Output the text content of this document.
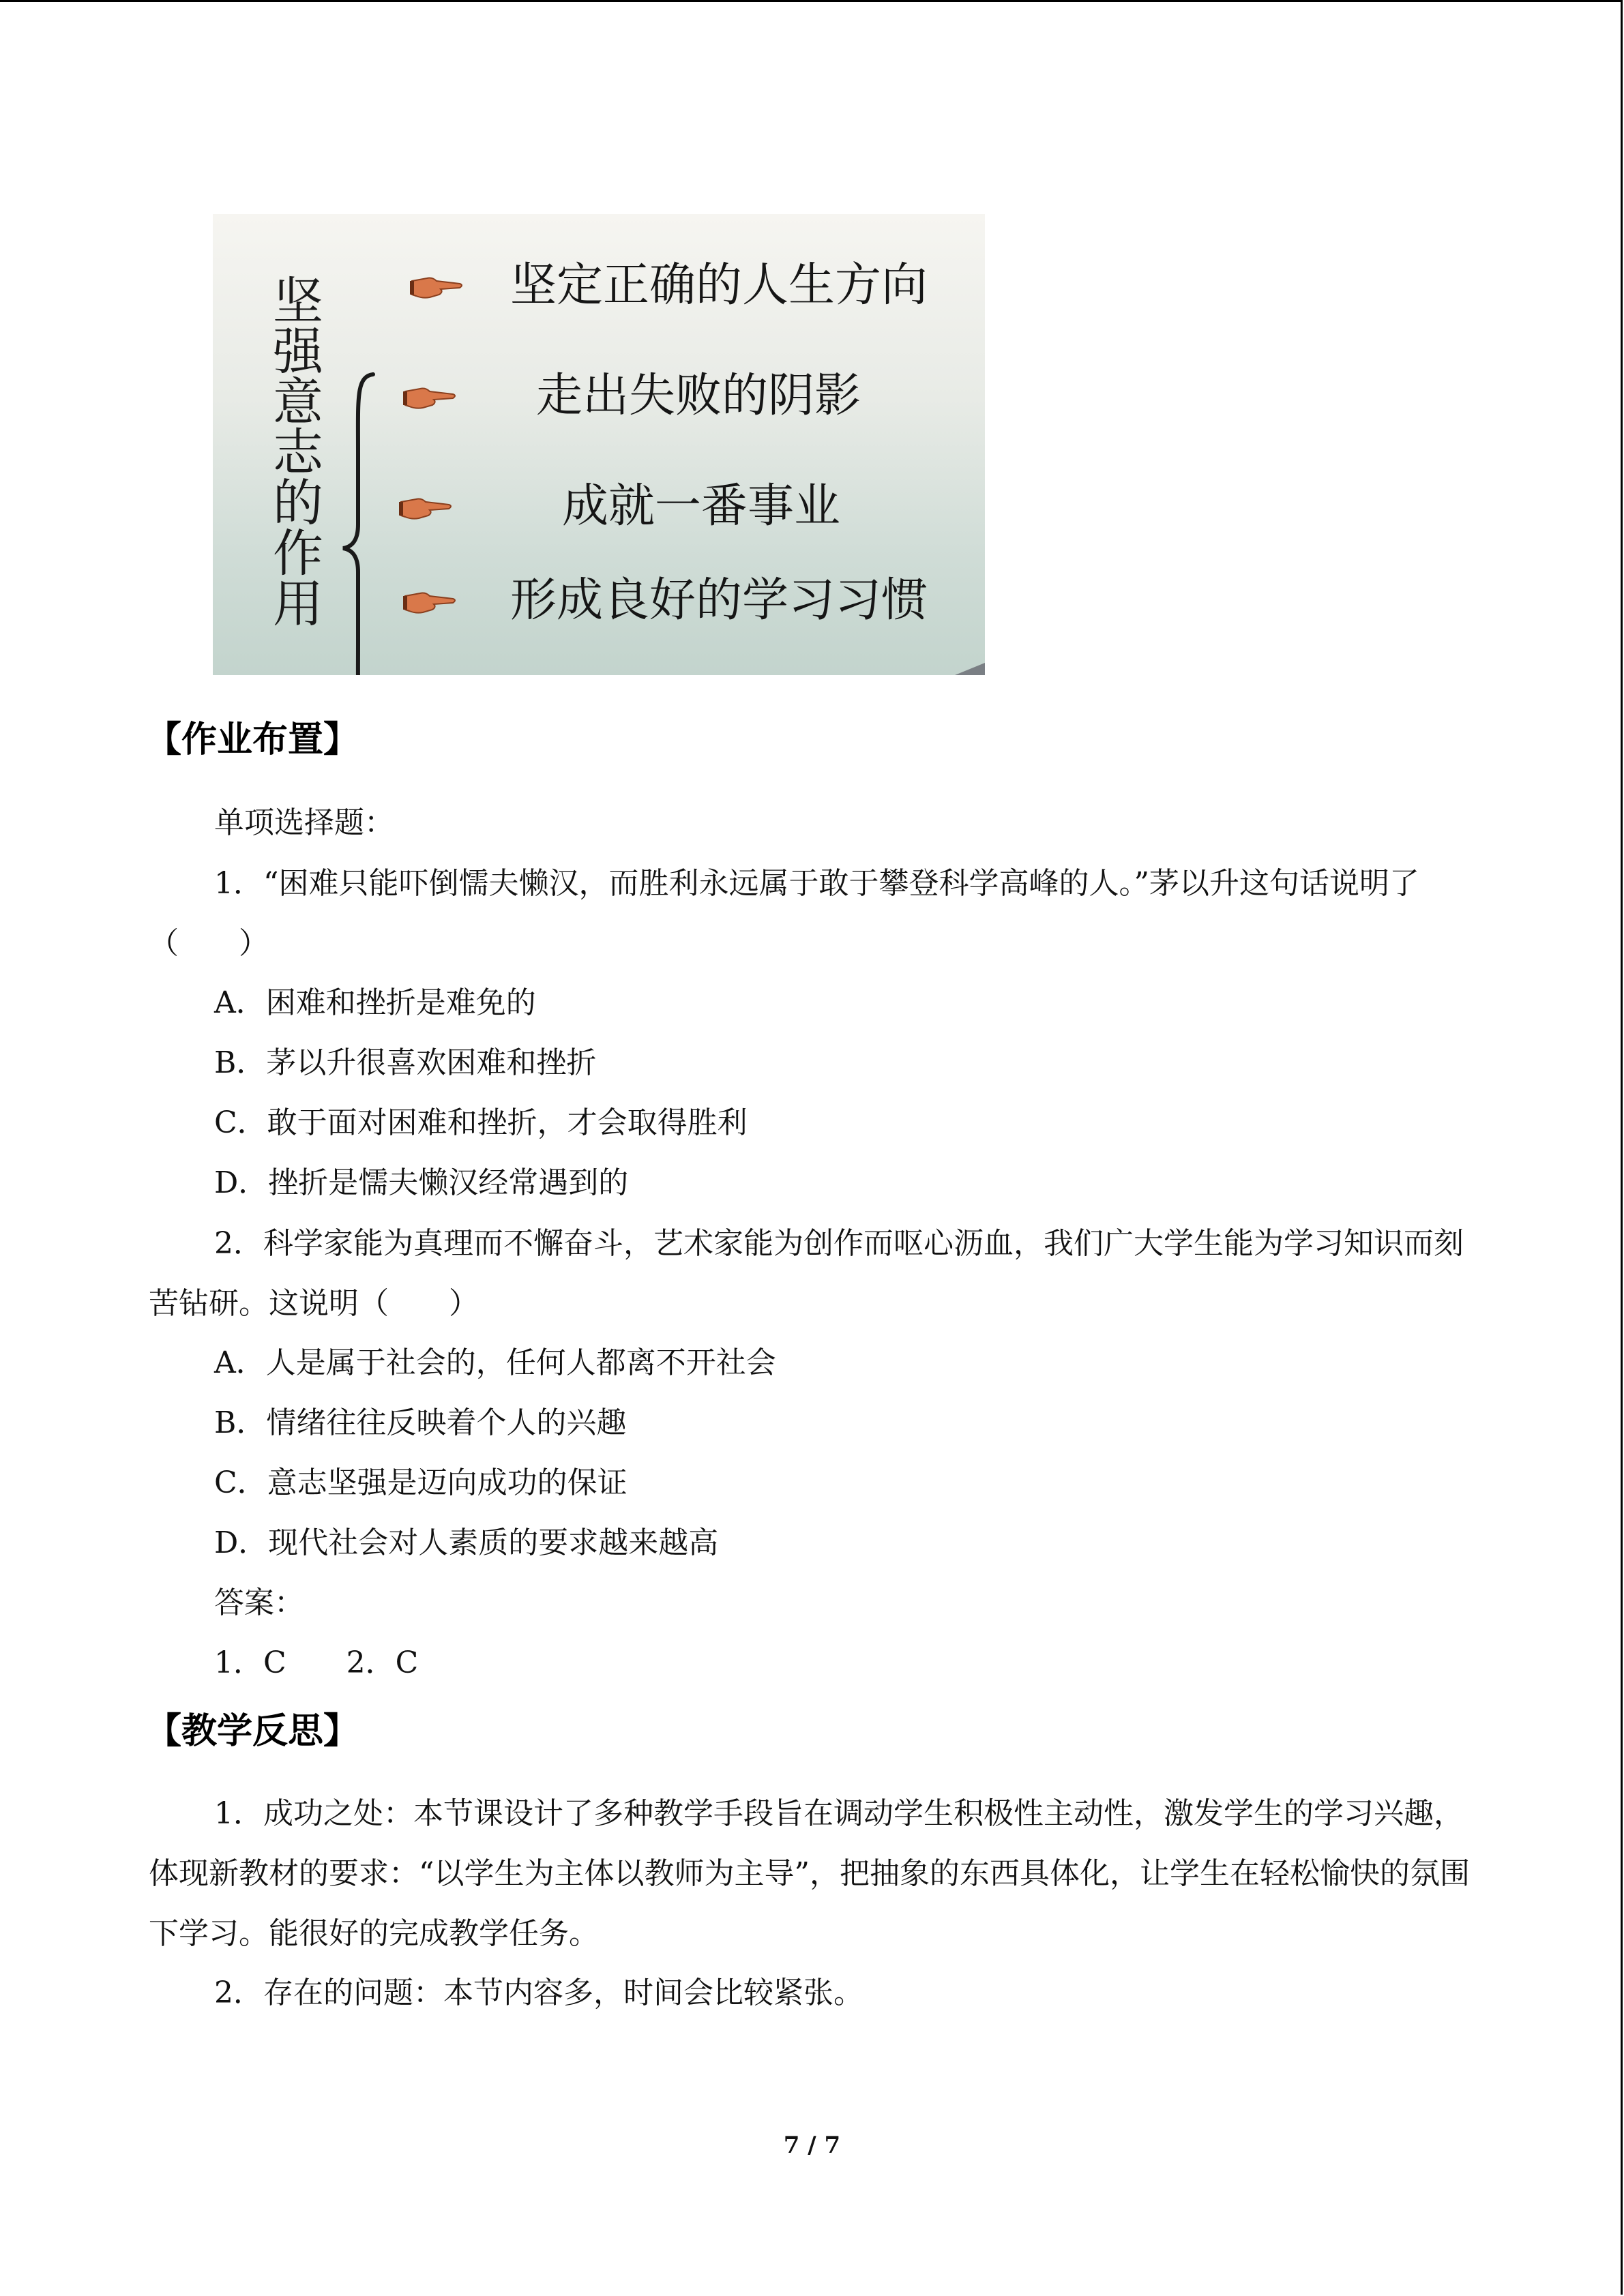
坚强意志的作用	坚定正确的人生方向
走出失败的阴影
成就一番事业
形成良好的学习习惯
【作业布置】
单项选择题：
1．“困难只能吓倒懦夫懒汉，而胜利永远属于敢于攀登科学高峰的人。”茅以升这句话说明了（　　）
A．困难和挫折是难免的
B．茅以升很喜欢困难和挫折
C．敢于面对困难和挫折，才会取得胜利
D．挫折是懦夫懒汉经常遇到的
2．科学家能为真理而不懈奋斗，艺术家能为创作而呕心沥血，我们广大学生能为学习知识而刻苦钻研。这说明（　　）
A．人是属于社会的，任何人都离不开社会
B．情绪往往反映着个人的兴趣
C．意志坚强是迈向成功的保证
D．现代社会对人素质的要求越来越高
答案：
1．C　　2．C
【教学反思】
1．成功之处：本节课设计了多种教学手段旨在调动学生积极性主动性，激发学生的学习兴趣，体现新教材的要求：“以学生为主体以教师为主导”，把抽象的东西具体化，让学生在轻松愉快的氛围下学习。能很好的完成教学任务。
2．存在的问题：本节内容多，时间会比较紧张。
7 / 7
